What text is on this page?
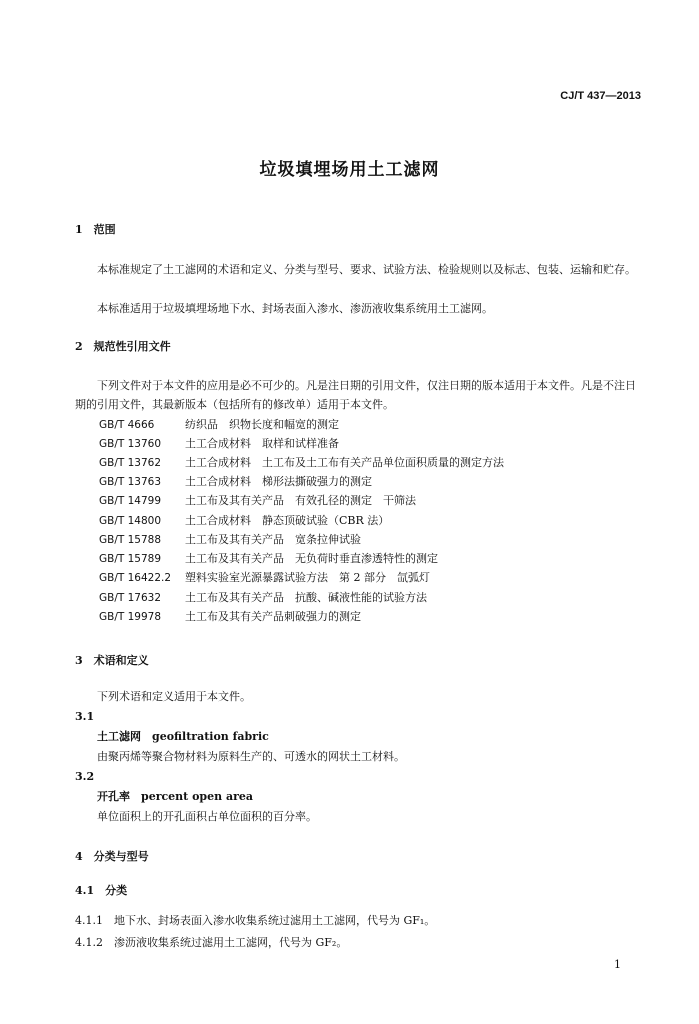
CJ/T 437—2013
垃圾填埋场用土工滤网
1　范围
本标准规定了土工滤网的术语和定义、分类与型号、要求、试验方法、检验规则以及标志、包装、运输和贮存。
本标准适用于垃圾填埋场地下水、封场表面入渗水、渗沥液收集系统用土工滤网。
2　规范性引用文件
下列文件对于本文件的应用是必不可少的。凡是注日期的引用文件，仅注日期的版本适用于本文件。凡是不注日期的引用文件，其最新版本（包括所有的修改单）适用于本文件。
GB/T 4666	纺织品　织物长度和幅宽的测定
GB/T 13760 土工合成材料　取样和试样准备
GB/T 13762 土工合成材料　土工布及土工布有关产品单位面积质量的测定方法
GB/T 13763 土工合成材料　梯形法撕破强力的测定
GB/T 14799 土工布及其有关产品　有效孔径的测定　干筛法
GB/T 14800 土工合成材料　静态顶破试验（CBR 法）
GB/T 15788 土工布及其有关产品　宽条拉伸试验
GB/T 15789 土工布及其有关产品　无负荷时垂直渗透特性的测定
GB/T 16422.2 塑料实验室光源暴露试验方法　第 2 部分　氙弧灯
GB/T 17632 土工布及其有关产品　抗酸、碱液性能的试验方法
GB/T 19978 土工布及其有关产品刺破强力的测定
3　术语和定义
下列术语和定义适用于本文件。
3.1
土工滤网　geofiltration fabric
由聚丙烯等聚合物材料为原料生产的、可透水的网状土工材料。
3.2
开孔率　percent open area
单位面积上的开孔面积占单位面积的百分率。
4　分类与型号
4.1　分类
4.1.1　地下水、封场表面入渗水收集系统过滤用土工滤网，代号为 GF₁。
4.1.2　渗沥液收集系统过滤用土工滤网，代号为 GF₂。
1
